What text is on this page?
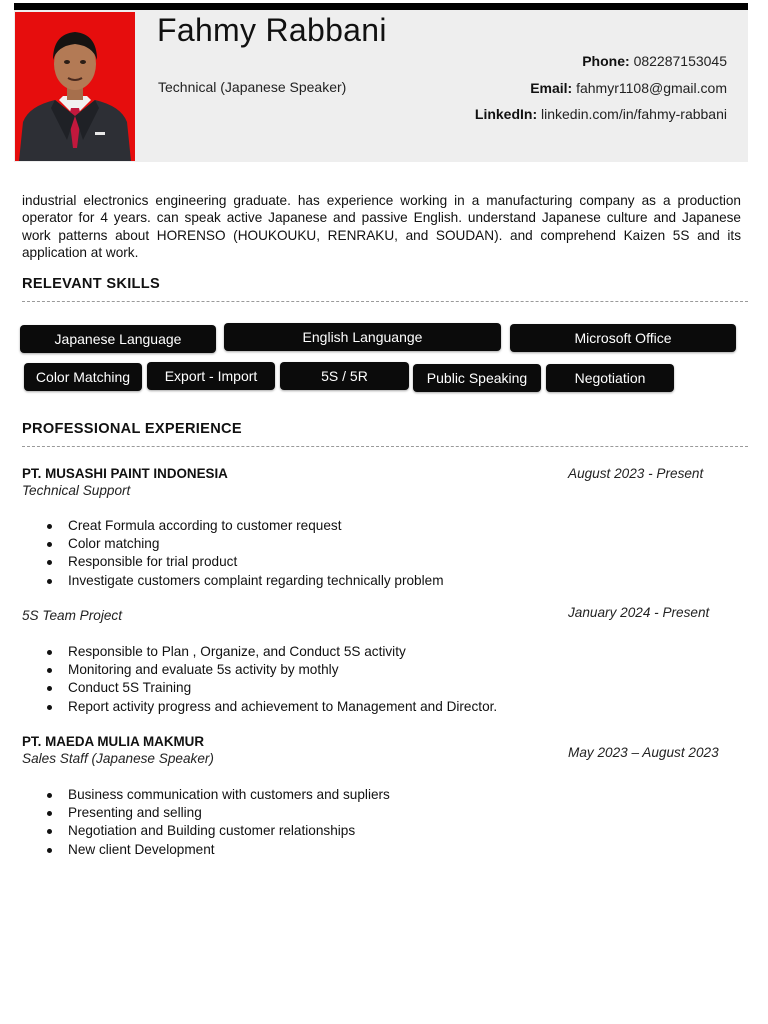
Fahmy Rabbani
Technical (Japanese Speaker)
Phone: 082287153045
Email: fahmyr1108@gmail.com
LinkedIn: linkedin.com/in/fahmy-rabbani
industrial electronics engineering graduate. has experience working in a manufacturing company as a production operator for 4 years. can speak active Japanese and passive English. understand Japanese culture and Japanese work patterns about HORENSO (HOUKOUKU, RENRAKU, and SOUDAN). and comprehend Kaizen 5S and its application at work.
RELEVANT SKILLS
Japanese Language	English Languange	Microsoft Office
Color Matching	Export - Import	5S / 5R	Public Speaking	Negotiation
PROFESSIONAL EXPERIENCE
PT. MUSASHI PAINT INDONESIA
Technical Support
August 2023 - Present
Creat Formula according to customer request
Color matching
Responsible for trial product
Investigate customers complaint regarding technically problem
5S Team Project	January 2024 - Present
Responsible to Plan , Organize, and Conduct 5S activity
Monitoring and evaluate 5s activity by mothly
Conduct 5S Training
Report activity progress and achievement to Management and Director.
PT. MAEDA MULIA MAKMUR
Sales Staff (Japanese Speaker)	May 2023 – August 2023
Business communication with customers and supliers
Presenting and selling
Negotiation and Building customer relationships
New client Development
